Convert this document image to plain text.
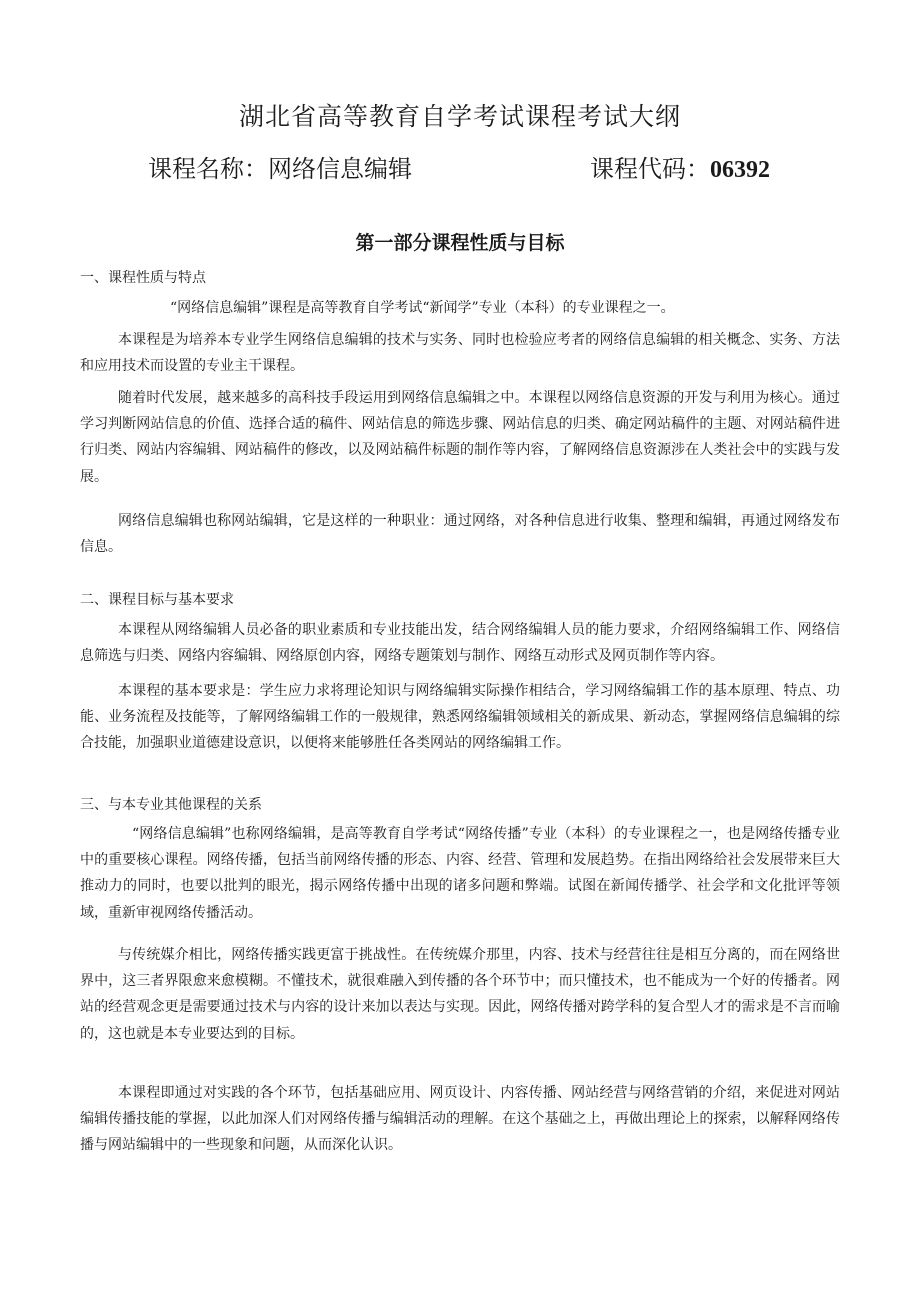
湖北省高等教育自学考试课程考试大纲

课程名称：网络信息编辑	课程代码：06392

第一部分课程性质与目标
一、课程性质与特点

“网络信息编辑”课程是高等教育自学考试“新闻学”专业（本科）的专业课程之一。

本课程是为培养本专业学生网络信息编辑的技术与实务、同时也检验应考者的网络信息编辑的相关概念、实务、方法和应用技术而设置的专业主干课程。

随着时代发展，越来越多的高科技手段运用到网络信息编辑之中。本课程以网络信息资源的开发与利用为核心。通过学习判断网站信息的价值、选择合适的稿件、网站信息的筛选步骤、网站信息的归类、确定网站稿件的主题、对网站稿件进行归类、网站内容编辑、网站稿件的修改，以及网站稿件标题的制作等内容，了解网络信息资源涉在人类社会中的实践与发展。

网络信息编辑也称网站编辑，它是这样的一种职业：通过网络，对各种信息进行收集、整理和编辑，再通过网络发布信息。

二、课程目标与基本要求

本课程从网络编辑人员必备的职业素质和专业技能出发，结合网络编辑人员的能力要求，介绍网络编辑工作、网络信息筛选与归类、网络内容编辑、网络原创内容，网络专题策划与制作、网络互动形式及网页制作等内容。

本课程的基本要求是：学生应力求将理论知识与网络编辑实际操作相结合，学习网络编辑工作的基本原理、特点、功能、业务流程及技能等，了解网络编辑工作的一般规律，熟悉网络编辑领域相关的新成果、新动态，掌握网络信息编辑的综合技能，加强职业道德建设意识，以便将来能够胜任各类网站的网络编辑工作。

三、与本专业其他课程的关系

“网络信息编辑”也称网络编辑，是高等教育自学考试“网络传播”专业（本科）的专业课程之一，也是网络传播专业中的重要核心课程。网络传播，包括当前网络传播的形态、内容、经营、管理和发展趋势。在指出网络给社会发展带来巨大推动力的同时，也要以批判的眼光，揭示网络传播中出现的诸多问题和弊端。试图在新闻传播学、社会学和文化批评等领域，重新审视网络传播活动。

与传统媒介相比，网络传播实践更富于挑战性。在传统媒介那里，内容、技术与经营往往是相互分离的，而在网络世界中，这三者界限愈来愈模糊。不懂技术，就很难融入到传播的各个环节中；而只懂技术，也不能成为一个好的传播者。网站的经营观念更是需要通过技术与内容的设计来加以表达与实现。因此，网络传播对跨学科的复合型人才的需求是不言而喻的，这也就是本专业要达到的目标。

本课程即通过对实践的各个环节，包括基础应用、网页设计、内容传播、网站经营与网络营销的介绍，来促进对网站编辑传播技能的掌握，以此加深人们对网络传播与编辑活动的理解。在这个基础之上，再做出理论上的探索，以解释网络传播与网站编辑中的一些现象和问题，从而深化认识。
